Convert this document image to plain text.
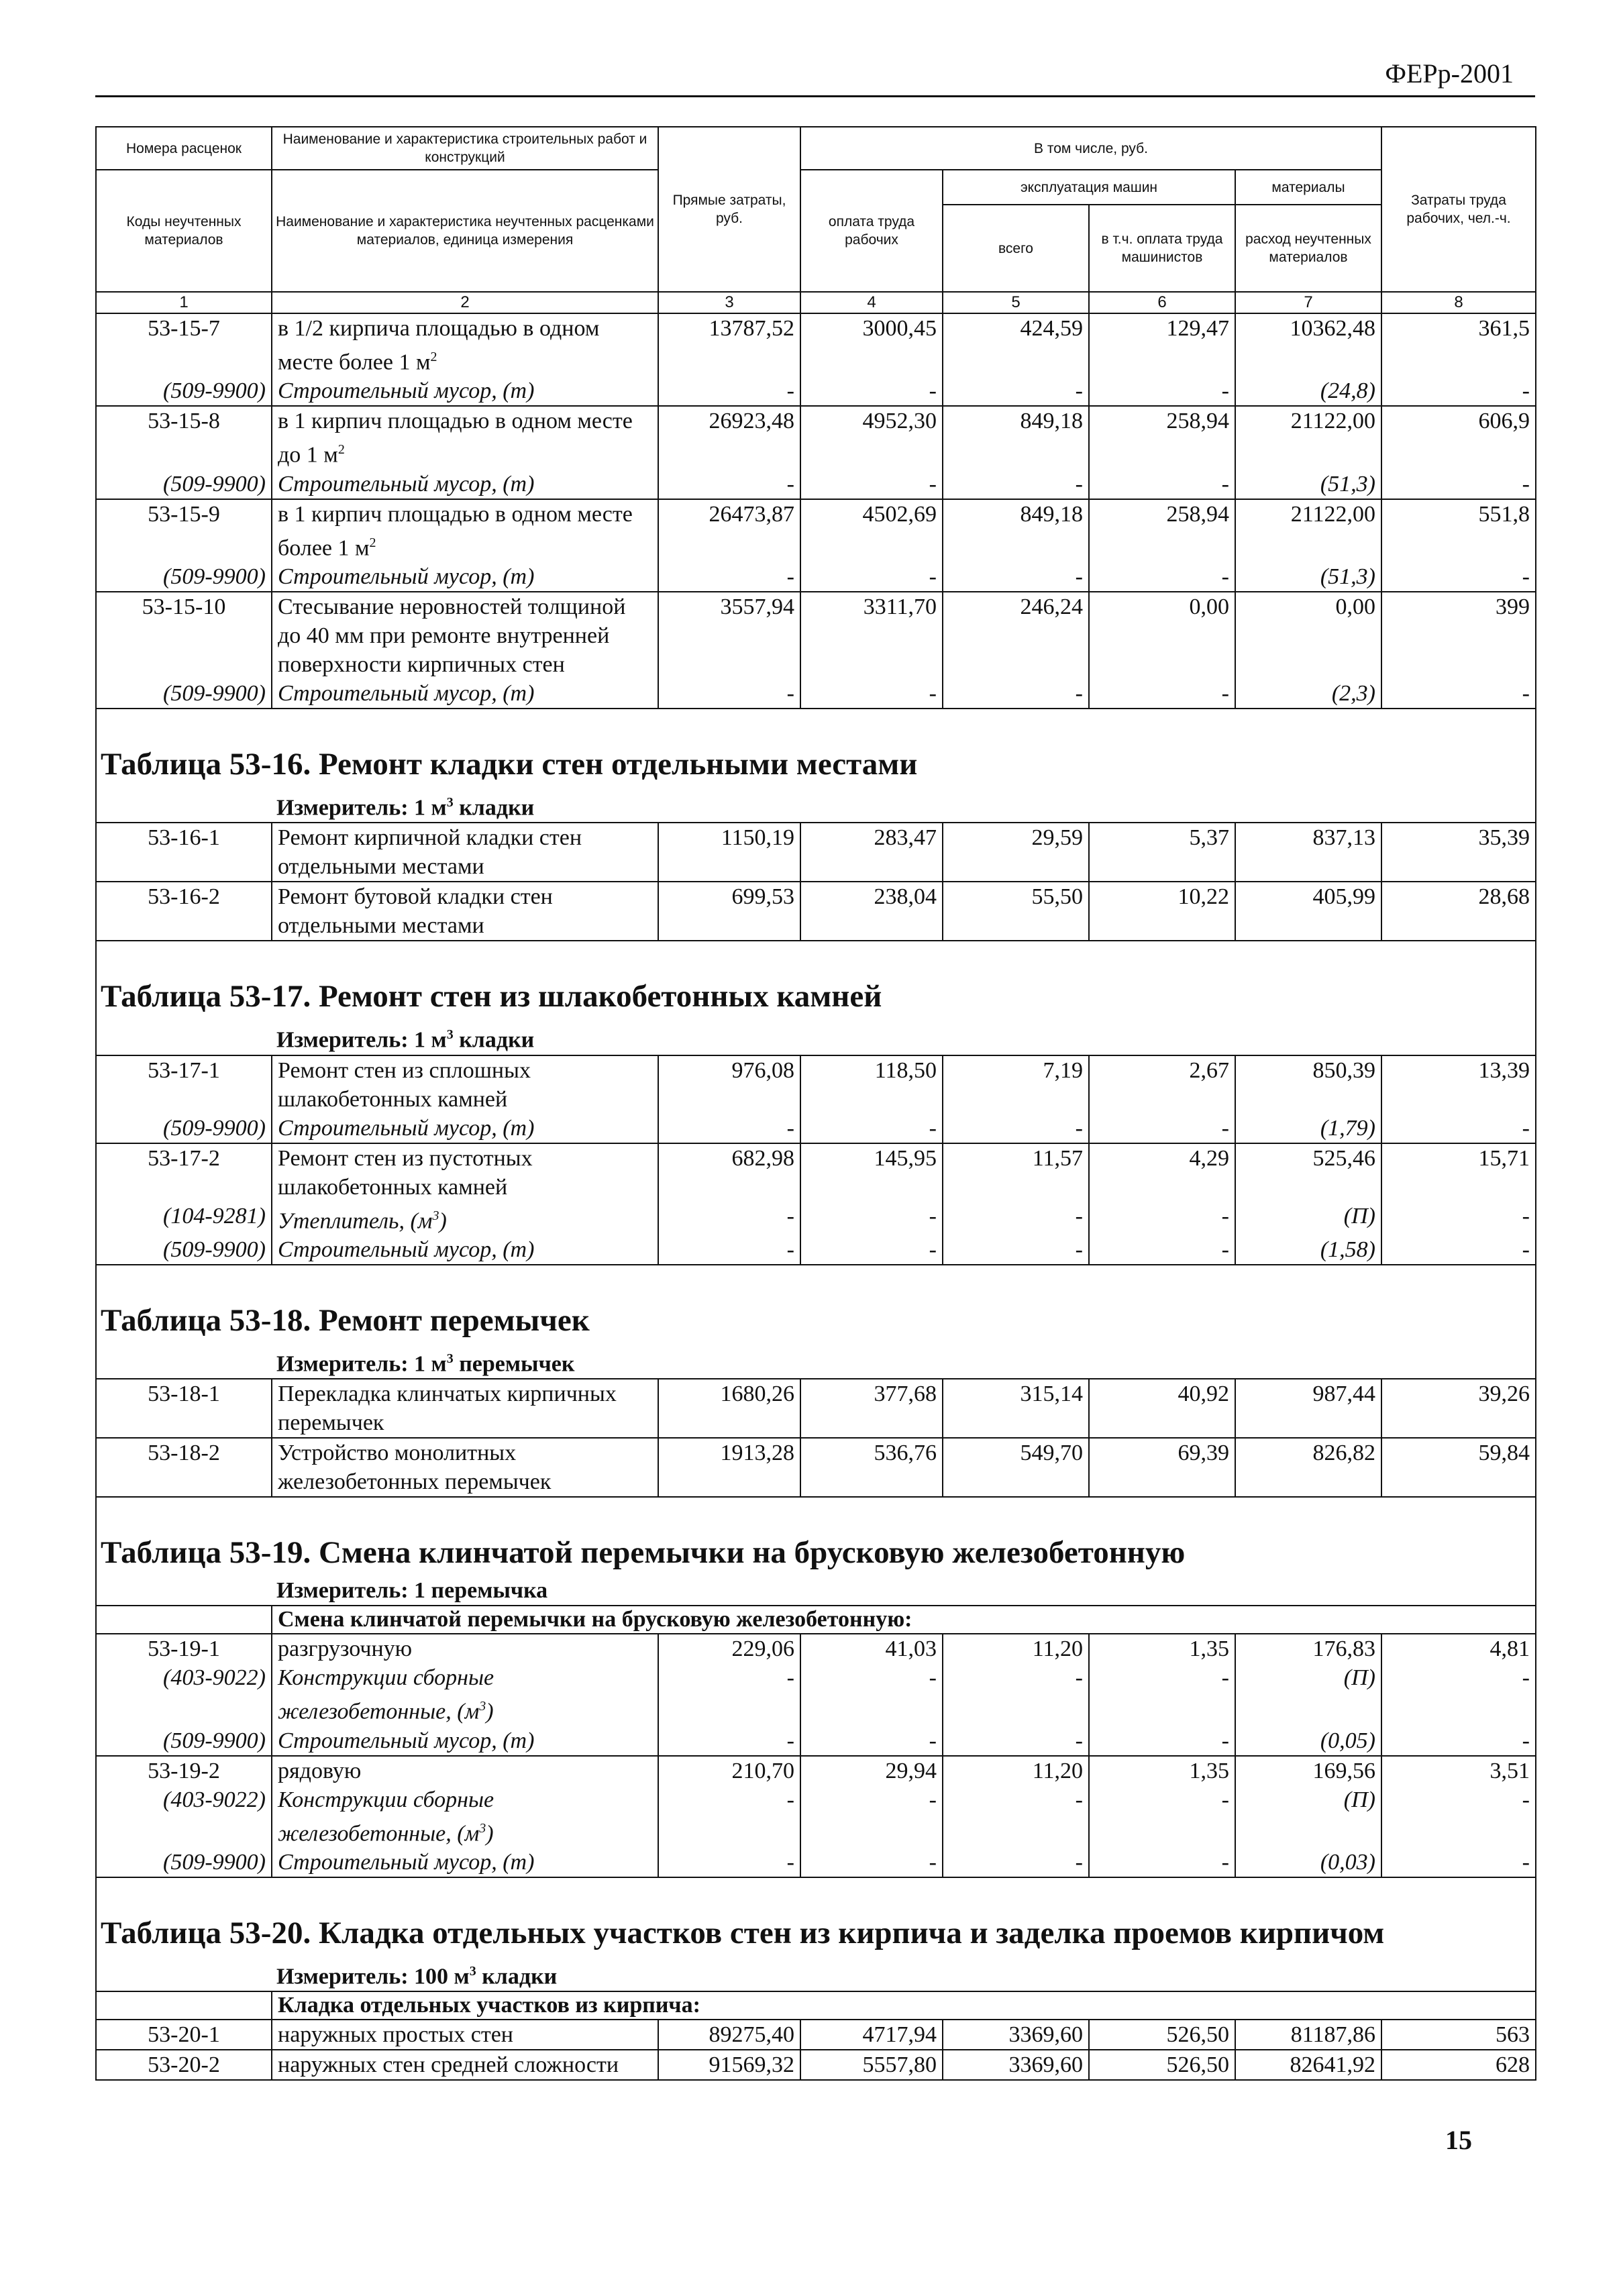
ФЕРр-2001
Номера расценок	Наименование и характеристика строительных работ и конструкций	Прямые затраты, руб.	В том числе, руб.				Затраты труда рабочих, чел.-ч.
Коды неучтенных материалов	Наименование и характеристика неучтенных расценками материалов, единица измерения		оплата труда рабочих	эксплуатация машин		материалы	
				всего	в т.ч. оплата труда машинистов	расход неучтенных материалов	
1	2	3	4	5	6	7	8
53-15-7	в 1/2 кирпича площадью в одном месте более 1 $м^2$	13787,52	3000,45	424,59	129,47	10362,48	361,5
(509-9900)	Строительный мусор, (т)	-	-	-	-	(24,8)	-
53-15-8	в 1 кирпич площадью в одном месте до 1 $м^2$	26923,48	4952,30	849,18	258,94	21122,00	606,9
(509-9900)	Строительный мусор, (т)	-	-	-	-	(51,3)	-
53-15-9	в 1 кирпич площадью в одном месте более 1 $м^2$	26473,87	4502,69	849,18	258,94	21122,00	551,8
(509-9900)	Строительный мусор, (т)	-	-	-	-	(51,3)	-
53-15-10	Стесывание неровностей толщиной до 40 мм при ремонте внутренней поверхности кирпичных стен	3557,94	3311,70	246,24	0,00	0,00	399
(509-9900)	Строительный мусор, (т)	-	-	-	-	(2,3)	-

Таблица 53-16. Ремонт кладки стен отдельными местами							

Измеритель: 1 $м^3$ кладки							

53-16-1	Ремонт кирпичной кладки стен отдельными местами	1150,19	283,47	29,59	5,37	837,13	35,39
53-16-2	Ремонт бутовой кладки стен отдельными местами	699,53	238,04	55,50	10,22	405,99	28,68

Таблица 53-17. Ремонт стен из шлакобетонных камней							

Измеритель: 1 $м^3$ кладки							

53-17-1	Ремонт стен из сплошных шлакобетонных камней	976,08	118,50	7,19	2,67	850,39	13,39
(509-9900)	Строительный мусор, (т)	-	-	-	-	(1,79)	-
53-17-2	Ремонт стен из пустотных шлакобетонных камней	682,98	145,95	11,57	4,29	525,46	15,71
(104-9281)	Утеплитель, $(м^3)$	-	-	-	-	(П)	-
(509-9900)	Строительный мусор, (т)	-	-	-	-	(1,58)	-

Таблица 53-18. Ремонт перемычек							

Измеритель: 1 $м^3$ перемычек							

53-18-1	Перекладка клинчатых кирпичных перемычек	1680,26	377,68	315,14	40,92	987,44	39,26
53-18-2	Устройство монолитных железобетонных перемычек	1913,28	536,76	549,70	69,39	826,82	59,84

Таблица 53-19. Смена клинчатой перемычки на брусковую железобетонную							

Измеритель: 1 перемычка							

	Смена клинчатой перемычки на брусковую железобетонную:						
53-19-1	разгрузочную	229,06	41,03	11,20	1,35	176,83	4,81
(403-9022)	Конструкции сборные железобетонные, $(м^3)$	-	-	-	-	(П)	-
(509-9900)	Строительный мусор, (т)	-	-	-	-	(0,05)	-
53-19-2	рядовую	210,70	29,94	11,20	1,35	169,56	3,51
(403-9022)	Конструкции сборные железобетонные, $(м^3)$	-	-	-	-	(П)	-
(509-9900)	Строительный мусор, (т)	-	-	-	-	(0,03)	-

Таблица 53-20. Кладка отдельных участков стен из кирпича и заделка проемов кирпичом							

Измеритель: 100 $м^3$ кладки							

	Кладка отдельных участков из кирпича:						
53-20-1	наружных простых стен	89275,40	4717,94	3369,60	526,50	81187,86	563
53-20-2	наружных стен средней сложности	91569,32	5557,80	3369,60	526,50	82641,92	628
15
